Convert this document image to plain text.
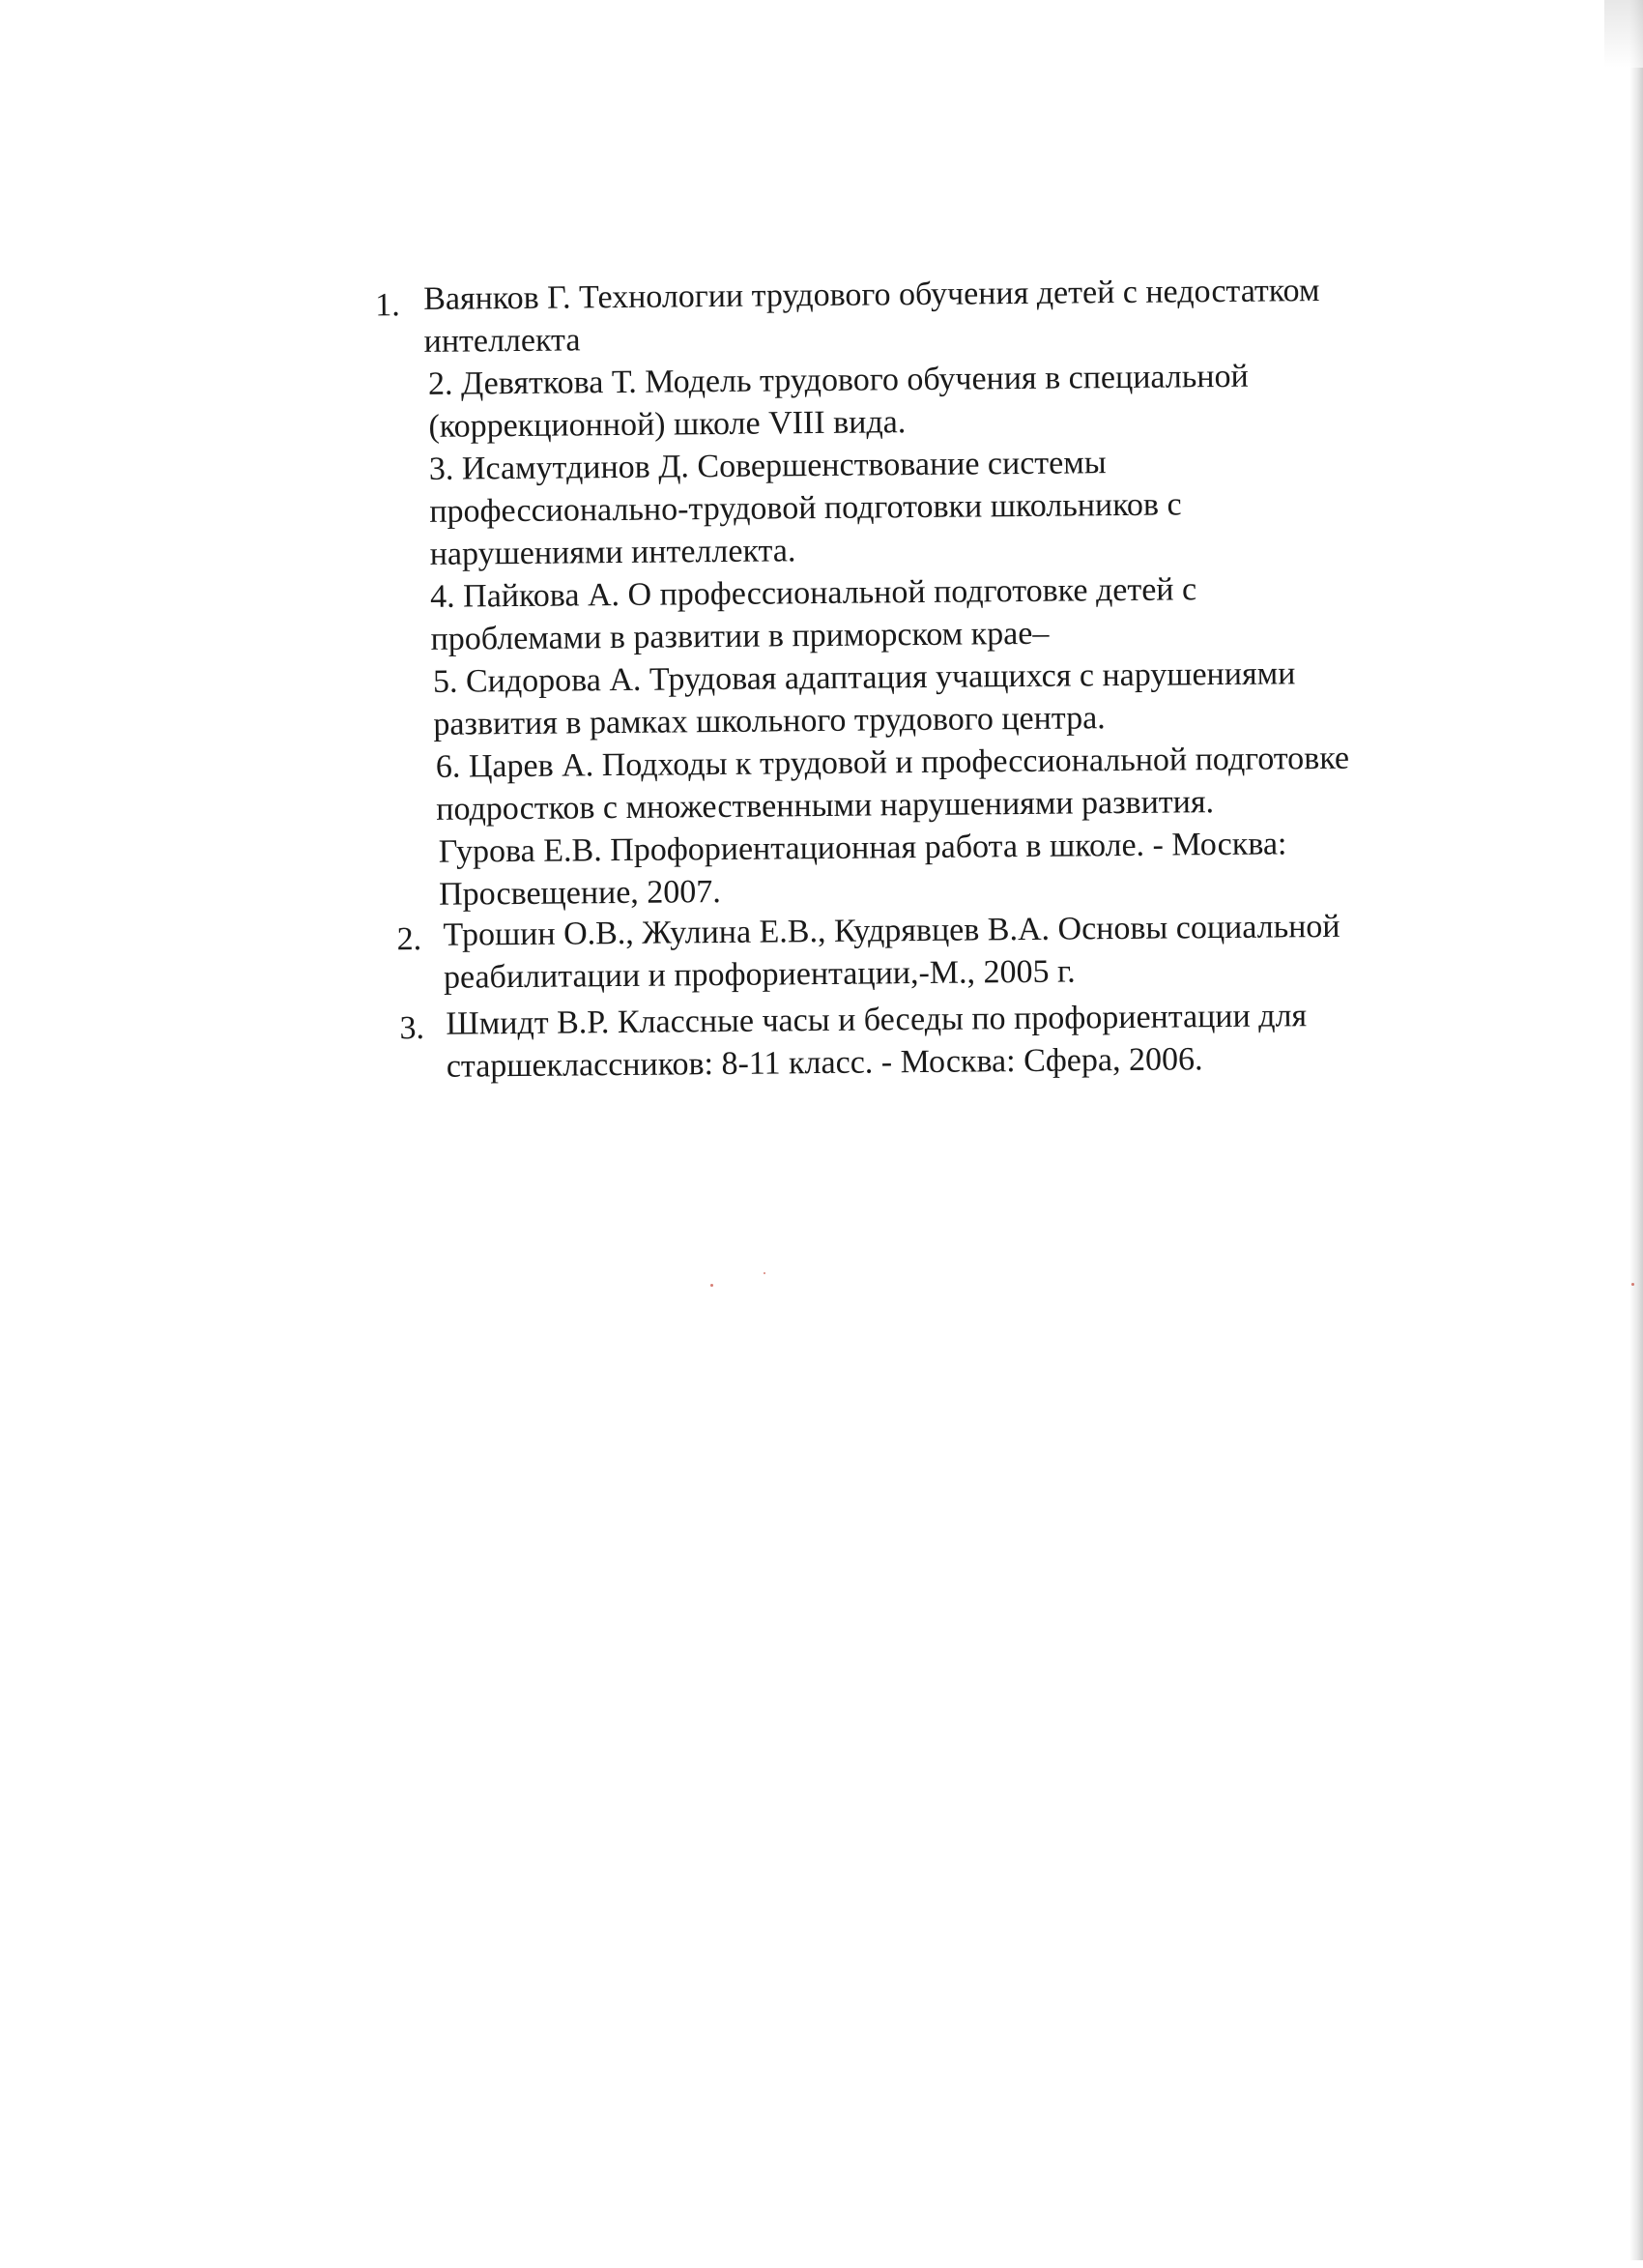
1. Ваянков Г. Технологии трудового обучения детей с недостатком
интеллекта
2. Девяткова Т. Модель трудового обучения в специальной
(коррекционной) школе VIII вида.
3. Исамутдинов Д. Совершенствование системы
профессионально-трудовой подготовки школьников с
нарушениями интеллекта.
4. Пайкова А. О профессиональной подготовке детей с
проблемами в развитии в приморском крае–
5. Сидорова А. Трудовая адаптация учащихся с нарушениями
развития в рамках школьного трудового центра.
6. Царев А. Подходы к трудовой и профессиональной подготовке
подростков с множественными нарушениями развития.
Гурова Е.В. Профориентационная работа в школе. - Москва:
Просвещение, 2007.
2. Трошин О.В., Жулина Е.В., Кудрявцев В.А. Основы социальной
реабилитации и профориентации,-М., 2005 г.
3. Шмидт В.Р. Классные часы и беседы по профориентации для
старшеклассников: 8-11 класс. - Москва: Сфера, 2006.
